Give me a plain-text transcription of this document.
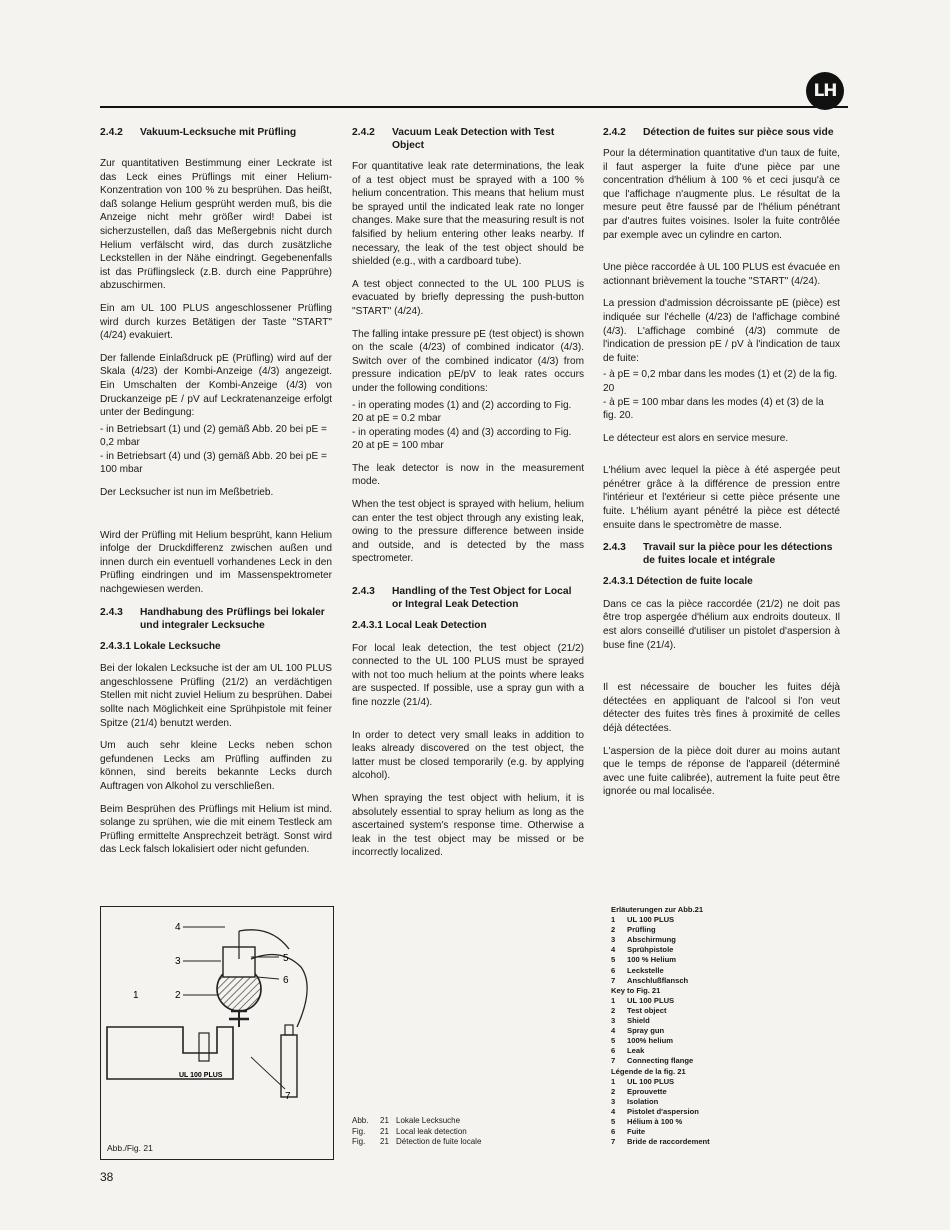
LH
2.4.2	Vakuum-Lecksuche mit Prüfling

Zur quantitativen Bestimmung einer Leckrate ist das Leck eines Prüflings mit einer Helium-Konzentration von 100 % zu besprühen. Das heißt, daß solange Helium gesprüht werden muß, bis die Anzeige nicht mehr größer wird! Dabei ist sicherzustellen, daß das Meßergebnis nicht durch Helium verfälscht wird, das durch zusätzliche Leckstellen in der Nähe eindringt. Gegebenenfalls ist das Prüflingsleck (z.B. durch eine Papprühre) abzuschirmen.

Ein am UL 100 PLUS angeschlossener Prüfling wird durch kurzes Betätigen der Taste "START" (4/24) evakuiert.

Der fallende Einlaßdruck pE (Prüfling) wird auf der Skala (4/23) der Kombi-Anzeige (4/3) angezeigt. Ein Umschalten der Kombi-Anzeige (4/3) von Druckanzeige pE / pV auf Leckratenanzeige erfolgt unter der Bedingung:

- in Betriebsart (1) und (2) gemäß Abb. 20 bei pE = 0,2 mbar
- in Betriebsart (4) und (3) gemäß Abb. 20 bei pE = 100 mbar

Der Lecksucher ist nun im Meßbetrieb.

Wird der Prüfling mit Helium besprüht, kann Helium infolge der Druckdifferenz zwischen außen und innen durch ein eventuell vorhandenes Leck in den Prüfling eindringen und im Massenspektrometer nachgewiesen werden.

2.4.3	Handhabung des Prüflings bei lokaler und integraler Lecksuche

2.4.3.1 Lokale Lecksuche

Bei der lokalen Lecksuche ist der am UL 100 PLUS angeschlossene Prüfling (21/2) an verdächtigen Stellen mit nicht zuviel Helium zu besprühen. Dabei sollte nach Möglichkeit eine Sprühpistole mit feiner Spitze (21/4) benutzt werden.

Um auch sehr kleine Lecks neben schon gefundenen Lecks am Prüfling auffinden zu können, sind bereits bekannte Lecks durch Auftragen von Alkohol zu verschließen.

Beim Besprühen des Prüflings mit Helium ist mind. solange zu sprühen, wie die mit einem Testleck am Prüfling ermittelte Ansprechzeit beträgt. Sonst wird das Leck falsch lokalisiert oder nicht gefunden.

2.4.2	Vacuum Leak Detection with Test Object

For quantitative leak rate determinations, the leak of a test object must be sprayed with a 100 % helium concentration. This means that helium must be sprayed until the indicated leak rate no longer changes. Make sure that the measuring result is not falsified by helium entering other leaks nearby. If necessary, the leak of the test object should be shielded (e.g., with a cardboard tube).

A test object connected to the UL 100 PLUS is evacuated by briefly depressing the push-button "START" (4/24).

The falling intake pressure pE (test object) is shown on the scale (4/23) of combined indicator (4/3). Switch over of the combined indicator (4/3) from pressure indication pE/pV to leak rates occurs under the following conditions:

- in operating modes (1) and (2) according to Fig. 20 at pE = 0.2 mbar
- in operating modes (4) and (3) according to Fig. 20 at pE = 100 mbar

The leak detector is now in the measurement mode.

When the test object is sprayed with helium, helium can enter the test object through any existing leak, owing to the pressure difference between inside and outside, and is detected by the mass spectrometer.

2.4.3	Handling of the Test Object for Local or Integral Leak Detection

2.4.3.1 Local Leak Detection

For local leak detection, the test object (21/2) connected to the UL 100 PLUS must be sprayed with not too much helium at the points where leaks are suspected. If possible, use a spray gun with a fine nozzle (21/4).

In order to detect very small leaks in addition to leaks already discovered on the test object, the latter must be closed temporarily (e.g. by applying alcohol).

When spraying the test object with helium, it is absolutely essential to spray helium as long as the ascertained system's response time. Otherwise a leak in the test object may be missed or be incorrectly localized.

2.4.2	Détection de fuites sur pièce sous vide

Pour la détermination quantitative d'un taux de fuite, il faut asperger la fuite d'une pièce par une concentration d'hélium à 100 % et ceci jusqu'à ce que l'affichage n'augmente plus. Le résultat de la mesure peut être faussé par de l'hélium pénétrant par d'autres fuites voisines. Isoler la fuite contrôlée par exemple avec un cylindre en carton.

Une pièce raccordée à UL 100 PLUS est évacuée en actionnant brièvement la touche "START" (4/24).

La pression d'admission décroissante pE (pièce) est indiquée sur l'échelle (4/23) de l'affichage combiné (4/3). L'affichage combiné (4/3) commute de l'indication de pression pE / pV à l'indication de taux de fuite:

- à pE = 0,2 mbar dans les modes (1) et (2) de la fig. 20
- à pE = 100 mbar dans les modes (4) et (3) de la fig. 20.

Le détecteur est alors en service mesure.

L'hélium avec lequel la pièce à été aspergée peut pénétrer grâce à la différence de pression entre l'intérieur et l'extérieur si cette pièce présente une fuite. L'hélium ayant pénétré la pièce est détecté ensuite dans le spectromètre de masse.

2.4.3	Travail sur la pièce pour les détections de fuites locale et intégrale

2.4.3.1 Détection de fuite locale

Dans ce cas la pièce raccordée (21/2) ne doit pas être trop aspergée d'hélium aux endroits douteux. Il est alors conseillé d'utiliser un pistolet d'aspersion à buse fine (21/4).

Il est nécessaire de boucher les fuites déjà détectées en appliquant de l'alcool si l'on veut détecter des fuites très fines à proximité de celles déjà détectées.

L'aspersion de la pièce doit durer au moins autant que le temps de réponse de l'appareil (déterminé avec une fuite calibrée), autrement la fuite peut être ignorée ou mal localisée.

UL 100 PLUS
4
3
2
1
5
6
7
Abb./Fig. 21
Abb.	21 Lokale Lecksuche
Fig.	21 Local leak detection
Fig.	21 Détection de fuite locale
Erläuterungen zur Abb.21
1	UL 100 PLUS
2	Prüfling
3	Abschirmung
4	Sprühpistole
5	100 % Helium
6	Leckstelle
7	Anschlußflansch
Key to Fig. 21
1	UL 100 PLUS
2	Test object
3	Shield
4	Spray gun
5	100% helium
6	Leak
7	Connecting flange
Légende de la fig. 21
1	UL 100 PLUS
2	Eprouvette
3	Isolation
4	Pistolet d'aspersion
5	Hélium à 100 %
6	Fuite
7	Bride de raccordement
38
